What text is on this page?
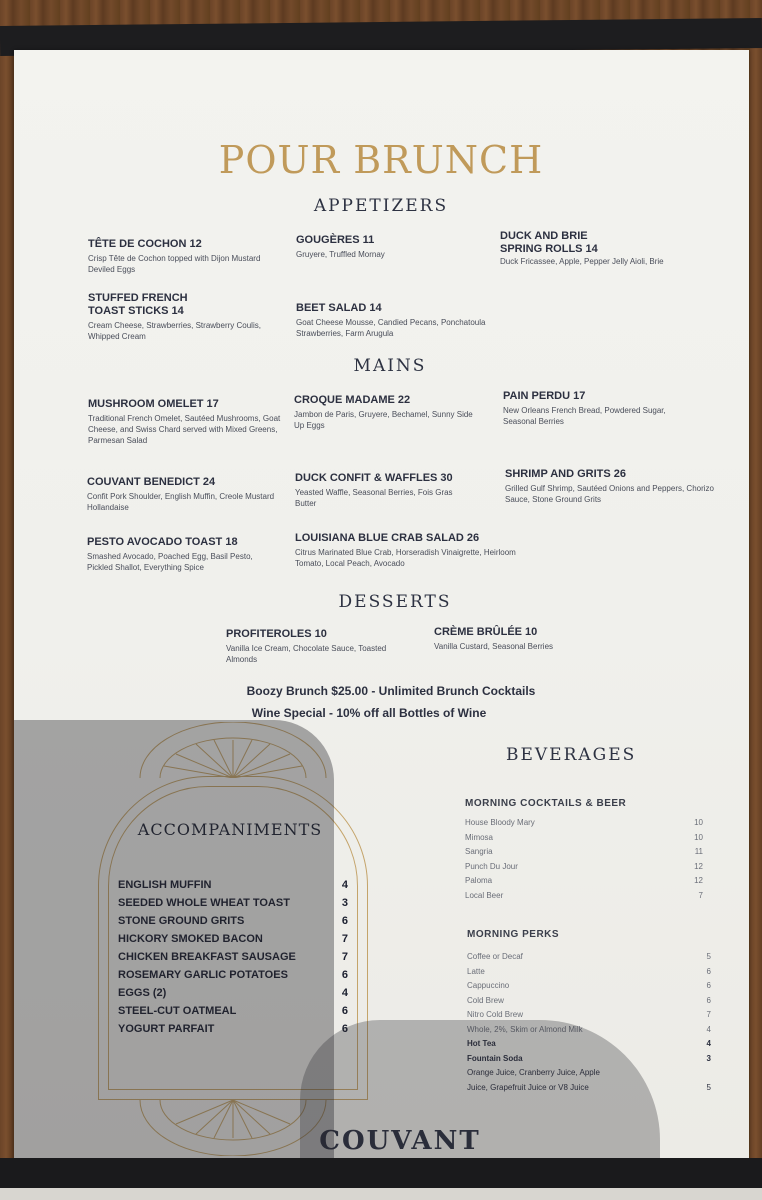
POUR BRUNCH
APPETIZERS
TÊTE DE COCHON 12
Crisp Tête de Cochon topped with Dijon Mustard Deviled Eggs
GOUGÈRES 11
Gruyere, Truffled Mornay
DUCK AND BRIE SPRING ROLLS 14
Duck Fricassee, Apple, Pepper Jelly Aioli, Brie
STUFFED FRENCH TOAST STICKS 14
Cream Cheese, Strawberries, Strawberry Coulis, Whipped Cream
BEET SALAD 14
Goat Cheese Mousse, Candied Pecans, Ponchatoula Strawberries, Farm Arugula
MAINS
MUSHROOM OMELET 17
Traditional French Omelet, Sautéed Mushrooms, Goat Cheese, and Swiss Chard served with Mixed Greens, Parmesan Salad
CROQUE MADAME 22
Jambon de Paris, Gruyere, Bechamel, Sunny Side Up Eggs
PAIN PERDU 17
New Orleans French Bread, Powdered Sugar, Seasonal Berries
COUVANT BENEDICT 24
Confit Pork Shoulder, English Muffin, Creole Mustard Hollandaise
DUCK CONFIT & WAFFLES 30
Yeasted Waffle, Seasonal Berries, Fois Gras Butter
SHRIMP AND GRITS 26
Grilled Gulf Shrimp, Sautéed Onions and Peppers, Chorizo Sauce, Stone Ground Grits
PESTO AVOCADO TOAST 18
Smashed Avocado, Poached Egg, Basil Pesto, Pickled Shallot, Everything Spice
LOUISIANA BLUE CRAB SALAD 26
Citrus Marinated Blue Crab, Horseradish Vinaigrette, Heirloom Tomato, Local Peach, Avocado
DESSERTS
PROFITEROLES 10
Vanilla Ice Cream, Chocolate Sauce, Toasted Almonds
CRÈME BRÛLÉE 10
Vanilla Custard, Seasonal Berries
Boozy Brunch $25.00 - Unlimited Brunch Cocktails
Wine Special - 10% off all Bottles of Wine
ACCOMPANIMENTS
ENGLISH MUFFIN	4
SEEDED WHOLE WHEAT TOAST	3
STONE GROUND GRITS	6
HICKORY SMOKED BACON	7
CHICKEN BREAKFAST SAUSAGE	7
ROSEMARY GARLIC POTATOES	6
EGGS (2)	4
STEEL-CUT OATMEAL	6
YOGURT PARFAIT	6
BEVERAGES
MORNING COCKTAILS & BEER
House Bloody Mary	10
Mimosa	10
Sangria	11
Punch Du Jour	12
Paloma	12
Local Beer	7
MORNING PERKS
Coffee or Decaf	5
Latte	6
Cappuccino	6
Cold Brew	6
Nitro Cold Brew	7
Whole, 2%, Skim or Almond Milk	4
Hot Tea	4
Fountain Soda	3
Orange Juice, Cranberry Juice, Apple
Juice, Grapefruit Juice or V8 Juice	5
COUVANT
